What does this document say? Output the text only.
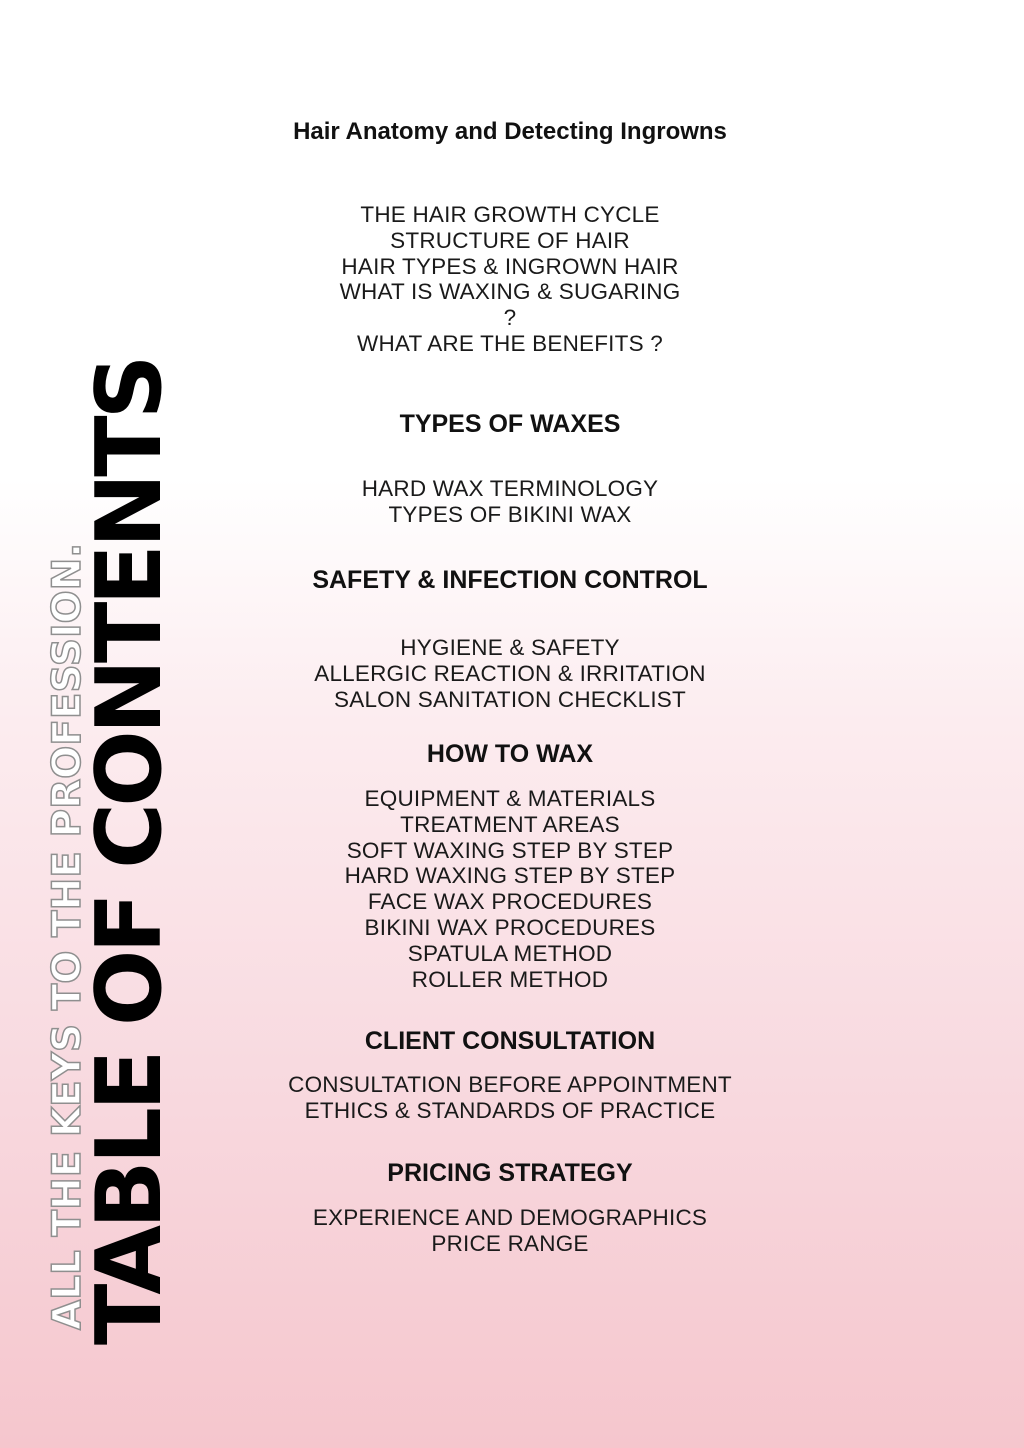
ALL THE KEYS TO THE PROFESSION.
TABLE OF CONTENTS
Hair Anatomy and Detecting Ingrowns
THE HAIR GROWTH CYCLE
STRUCTURE OF HAIR
HAIR TYPES & INGROWN HAIR
WHAT IS WAXING & SUGARING
?
WHAT ARE THE BENEFITS ?
TYPES OF WAXES
HARD WAX TERMINOLOGY
TYPES OF BIKINI WAX
SAFETY & INFECTION CONTROL
HYGIENE & SAFETY
ALLERGIC REACTION & IRRITATION
SALON SANITATION CHECKLIST
HOW TO WAX
EQUIPMENT & MATERIALS
TREATMENT AREAS
SOFT WAXING STEP BY STEP
HARD WAXING STEP BY STEP
FACE WAX PROCEDURES
BIKINI WAX PROCEDURES
SPATULA METHOD
ROLLER METHOD
CLIENT CONSULTATION
CONSULTATION BEFORE APPOINTMENT
ETHICS & STANDARDS OF PRACTICE
PRICING STRATEGY
EXPERIENCE AND DEMOGRAPHICS
PRICE RANGE
